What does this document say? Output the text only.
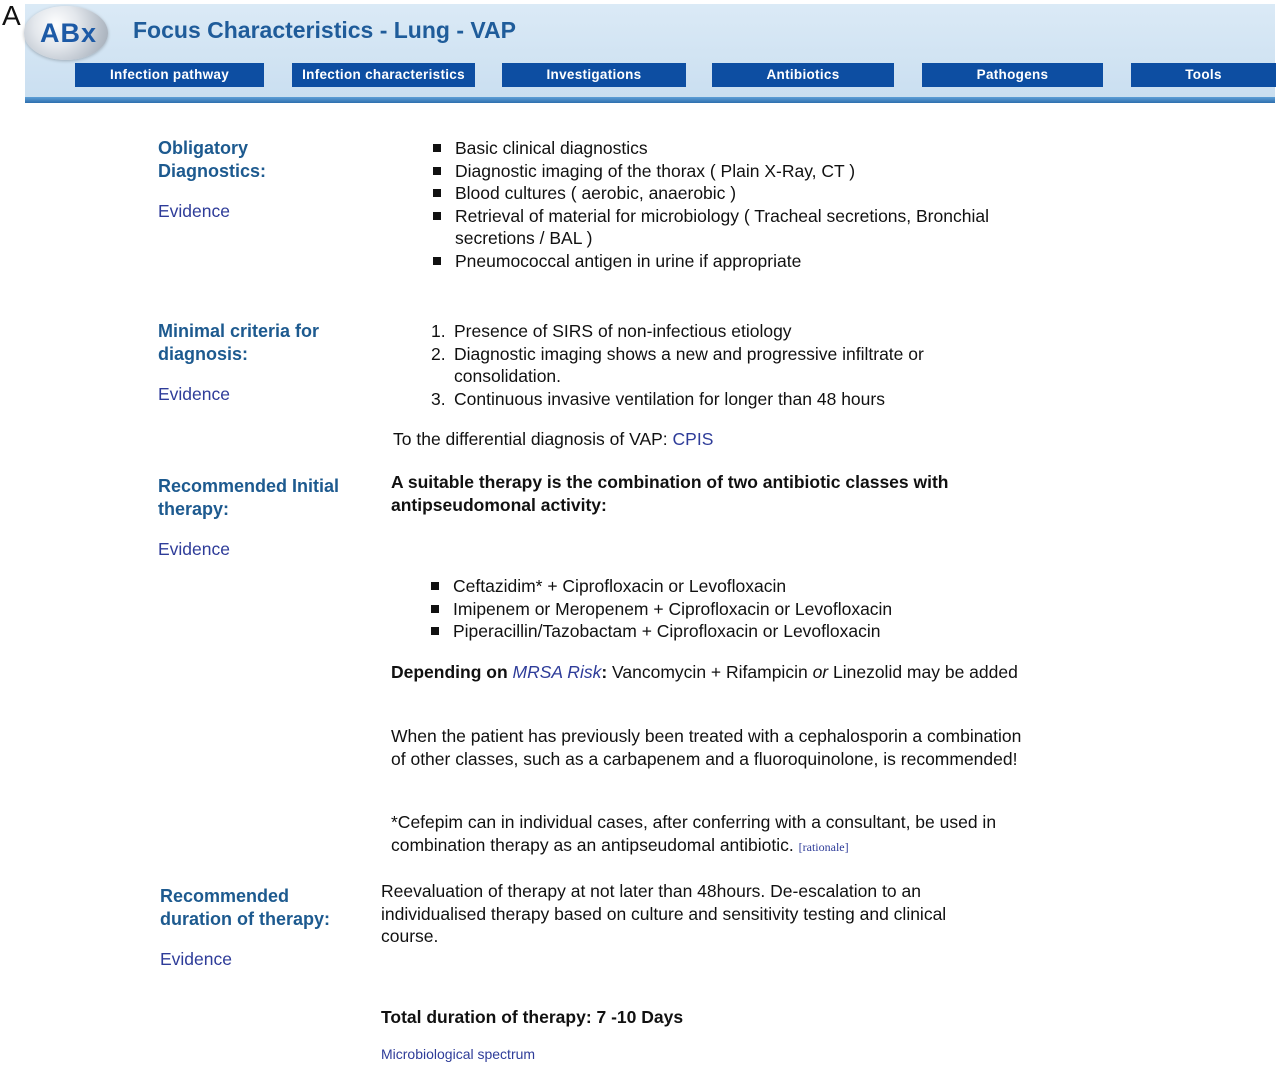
A
ABx Focus Characteristics - Lung - VAP
Infection pathway	Infection characteristics	Investigations	Antibiotics	Pathogens	Tools
Obligatory
Diagnostics:
Evidence
Basic clinical diagnostics
Diagnostic imaging of the thorax ( Plain X-Ray, CT )
Blood cultures ( aerobic, anaerobic )
Retrieval of material for microbiology ( Tracheal secretions, Bronchial secretions / BAL )
Pneumococcal antigen in urine if appropriate
Minimal criteria for
diagnosis:
Evidence
1. Presence of SIRS of non-infectious etiology
2. Diagnostic imaging shows a new and progressive infiltrate or consolidation.
3. Continuous invasive ventilation for longer than 48 hours
To the differential diagnosis of VAP: CPIS
Recommended Initial
therapy:
Evidence
A suitable therapy is the combination of two antibiotic classes with antipseudomonal activity:
Ceftazidim* + Ciprofloxacin or Levofloxacin
Imipenem or Meropenem + Ciprofloxacin or Levofloxacin
Piperacillin/Tazobactam + Ciprofloxacin or Levofloxacin
Depending on MRSA Risk: Vancomycin + Rifampicin or Linezolid may be added
When the patient has previously been treated with a cephalosporin a combination of other classes, such as a carbapenem and a fluoroquinolone, is recommended!
*Cefepim can in individual cases, after conferring with a consultant, be used in combination therapy as an antipseudomal antibiotic. [rationale]
Recommended
duration of therapy:
Evidence
Reevaluation of therapy at not later than 48hours. De-escalation to an individualised therapy based on culture and sensitivity testing and clinical course.
Total duration of therapy: 7 -10 Days
Microbiological spectrum
